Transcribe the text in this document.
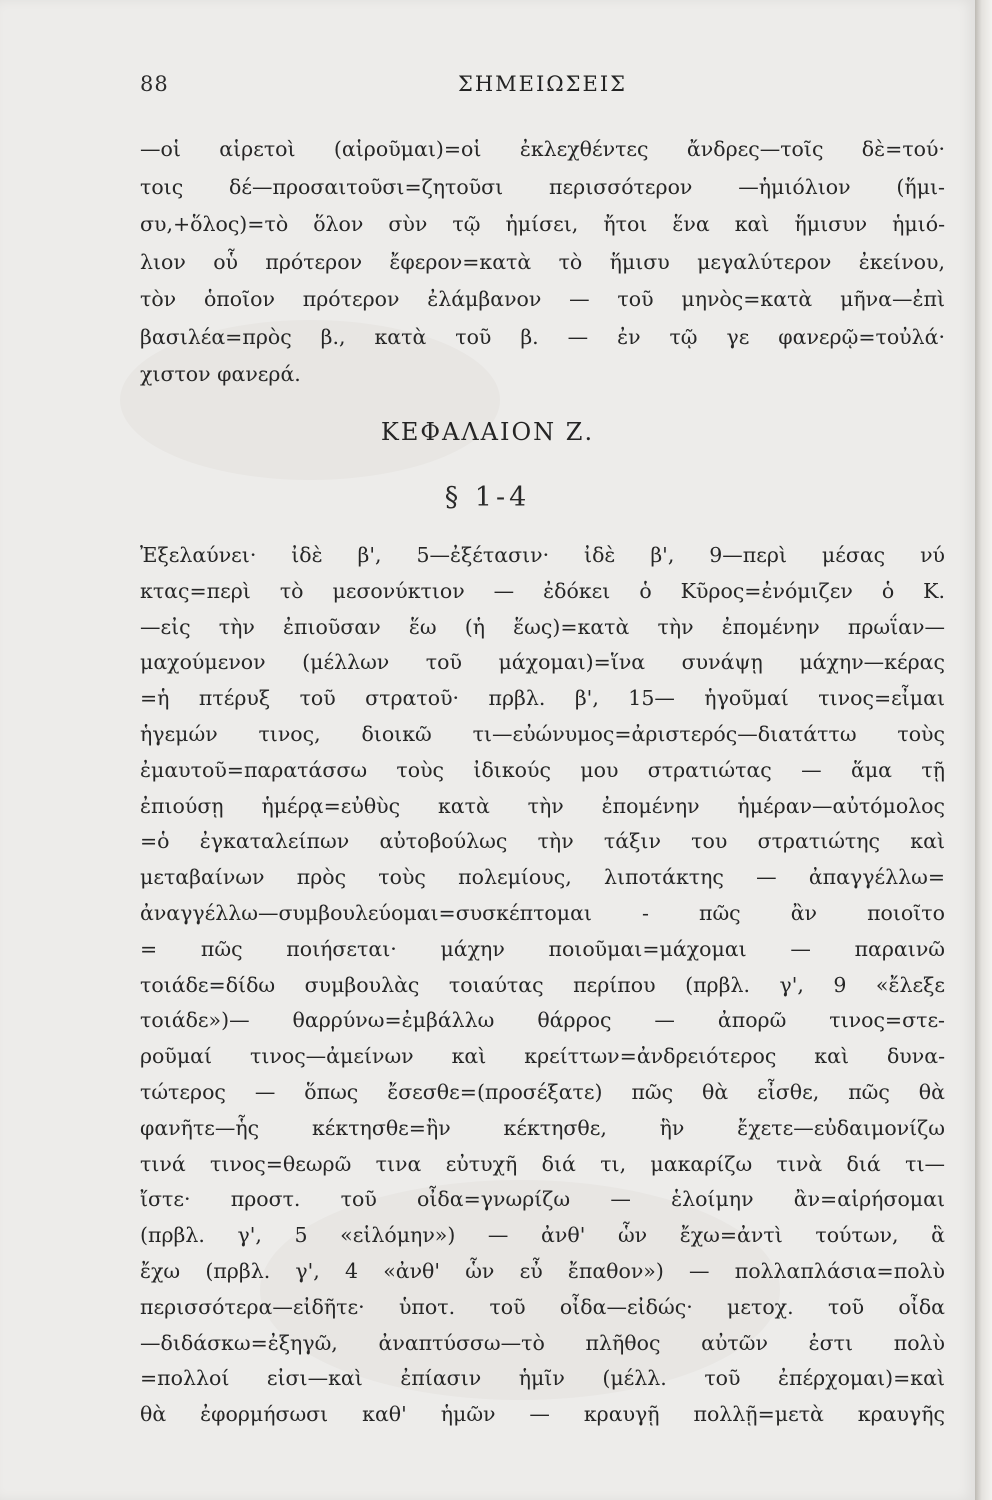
88	ΣΗΜΕΙΩΣΕΙΣ

—οἱ αἱρετοὶ (αἱροῦμαι)=οἱ ἐκλεχθέντες ἄνδρες—τοῖς δὲ=τού·

τοις δέ—προσαιτοῦσι=ζητοῦσι περισσότερον —ἡμιόλιον (ἥμι-

συ,+ὅλος)=τὸ ὅλον σὺν τῷ ἡμίσει, ἤτοι ἕνα καὶ ἥμισυν ἡμιό-

λιον οὗ πρότερον ἔφερον=κατὰ τὸ ἥμισυ μεγαλύτερον ἐκείνου,

τὸν ὁποῖον πρότερον ἐλάμβανον — τοῦ μηνὸς=κατὰ μῆνα—ἐπὶ

βασιλέα=πρὸς β., κατὰ τοῦ β. — ἐν τῷ γε φανερῷ=τοὐλά·

χιστον φανερά.

ΚΕΦΑΛΑΙΟΝ Ζ.
§ 1-4

Ἐξελαύνει· ἰδὲ β', 5—ἐξέτασιν· ἰδὲ β', 9—περὶ μέσας νύ

κτας=περὶ τὸ μεσονύκτιον — ἐδόκει ὁ Κῦρος=ἐνόμιζεν ὁ Κ.

—εἰς τὴν ἐπιοῦσαν ἕω (ἡ ἕως)=κατὰ τὴν ἐπομένην πρωΐαν—

μαχούμενον (μέλλων τοῦ μάχομαι)=ἵνα συνάψῃ μάχην—κέρας

=ἡ πτέρυξ τοῦ στρατοῦ· πρβλ. β', 15— ἡγοῦμαί τινος=εἶμαι

ἡγεμών τινος, διοικῶ τι—εὐώνυμος=ἀριστερός—διατάττω τοὺς

ἐμαυτοῦ=παρατάσσω τοὺς ἰδικούς μου στρατιώτας — ἅμα τῇ

ἐπιούσῃ ἡμέρᾳ=εὐθὺς κατὰ τὴν ἐπομένην ἡμέραν—αὐτόμολος

=ὁ ἐγκαταλείπων αὐτοβούλως τὴν τάξιν του στρατιώτης καὶ

μεταβαίνων πρὸς τοὺς πολεμίους, λιποτάκτης — ἀπαγγέλλω=

ἀναγγέλλω—συμβουλεύομαι=συσκέπτομαι - πῶς ἂν ποιοῖτο

= πῶς ποιήσεται· μάχην ποιοῦμαι=μάχομαι — παραινῶ

τοιάδε=δίδω συμβουλὰς τοιαύτας περίπου (πρβλ. γ', 9 «ἔλεξε

τοιάδε»)— θαρρύνω=ἐμβάλλω θάρρος — ἀπορῶ τινος=στε-

ροῦμαί τινος—ἀμείνων καὶ κρείττων=ἀνδρειότερος καὶ δυνα-

τώτερος — ὅπως ἔσεσθε=(προσέξατε) πῶς θὰ εἶσθε, πῶς θὰ

φανῆτε—ἧς κέκτησθε=ἣν κέκτησθε, ἣν ἔχετε—εὐδαιμονίζω

τινά τινος=θεωρῶ τινα εὐτυχῆ διά τι, μακαρίζω τινὰ διά τι—

ἴστε· προστ. τοῦ οἶδα=γνωρίζω — ἑλοίμην ἂν=αἱρήσομαι

(πρβλ. γ', 5 «εἱλόμην») — ἀνθ' ὧν ἔχω=ἀντὶ τούτων, ἃ

ἔχω (πρβλ. γ', 4 «ἀνθ' ὧν εὖ ἔπαθον») — πολλαπλάσια=πολὺ

περισσότερα—εἰδῆτε· ὑποτ. τοῦ οἶδα—εἰδώς· μετοχ. τοῦ οἶδα

—διδάσκω=ἐξηγῶ, ἀναπτύσσω—τὸ πλῆθος αὐτῶν ἐστι πολὺ

=πολλοί εἰσι—καὶ ἐπίασιν ἡμῖν (μέλλ. τοῦ ἐπέρχομαι)=καὶ

θὰ ἐφορμήσωσι καθ' ἡμῶν — κραυγῇ πολλῇ=μετὰ κραυγῆς
